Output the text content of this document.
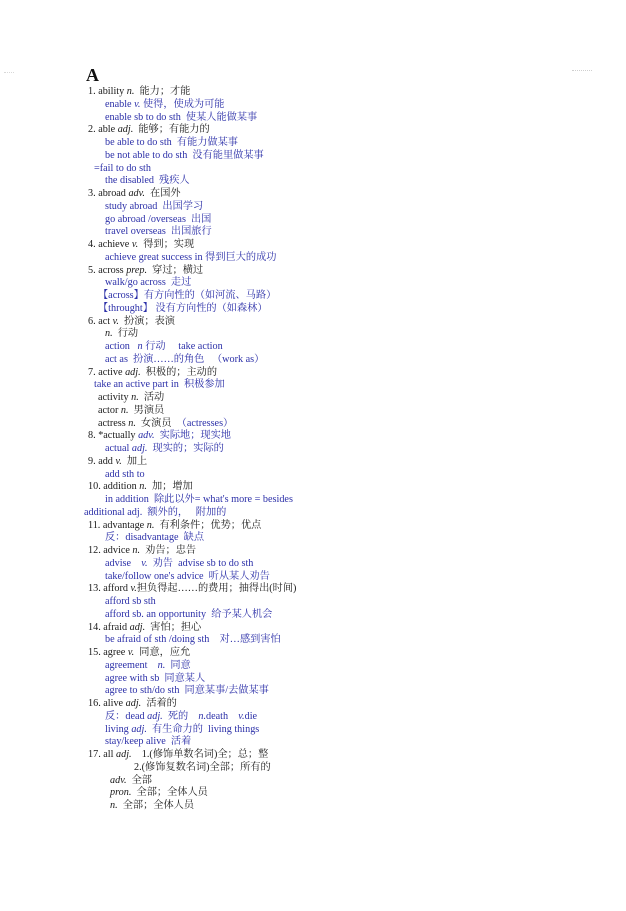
A
1. ability n.  能力；才能
enable v. 使得，使成为可能
enable sb to do sth  使某人能做某事
2. able adj.  能够；有能力的
be able to do sth  有能力做某事
be not able to do sth  没有能里做某事
=fail to do sth
the disabled  残疾人
3. abroad adv.  在国外
study abroad  出国学习
go abroad /overseas  出国
travel overseas  出国旅行
4. achieve v.  得到；实现
achieve great success in 得到巨大的成功
5. across prep.  穿过；横过
walk/go across  走过
【across】有方向性的（如河流、马路）
【throught】 没有方向性的（如森林）
6. act v.  扮演；表演
n.  行动
action   n 行动     take action
act as  扮演……的角色   （work as）
7. active adj.  积极的；主动的
take an active part in  积极参加
activity n.  活动
actor n.  男演员
actress n.  女演员  （actresses）
8. *actually adv.  实际地；现实地
actual adj.  现实的；实际的
9. add v.  加上
add sth to
10. addition n.  加；增加
in addition  除此以外= what's more = besides
additional adj.  额外的，   附加的
11. advantage n.  有利条件；优势；优点
反：disadvantage  缺点
12. advice n.  劝告；忠告
advise    v.  劝告  advise sb to do sth
take/follow one's advice  听从某人劝告
13. afford v.担负得起……的费用；抽得出(时间)
afford sb sth
afford sb. an opportunity  给予某人机会
14. afraid adj.  害怕；担心
be afraid of sth /doing sth    对…感到害怕
15. agree v.  同意，应允
agreement    n.  同意
agree with sb  同意某人
agree to sth/do sth  同意某事/去做某事
16. alive adj.  活着的
反：dead adj.  死的    n.death    v.die
living adj.  有生命力的  living things
stay/keep alive  活着
17. all adj.    1.(修饰单数名词)全；总；整
2.(修饰复数名词)全部；所有的
adv.  全部
pron.  全部；全体人员
n.  全部；全体人员
